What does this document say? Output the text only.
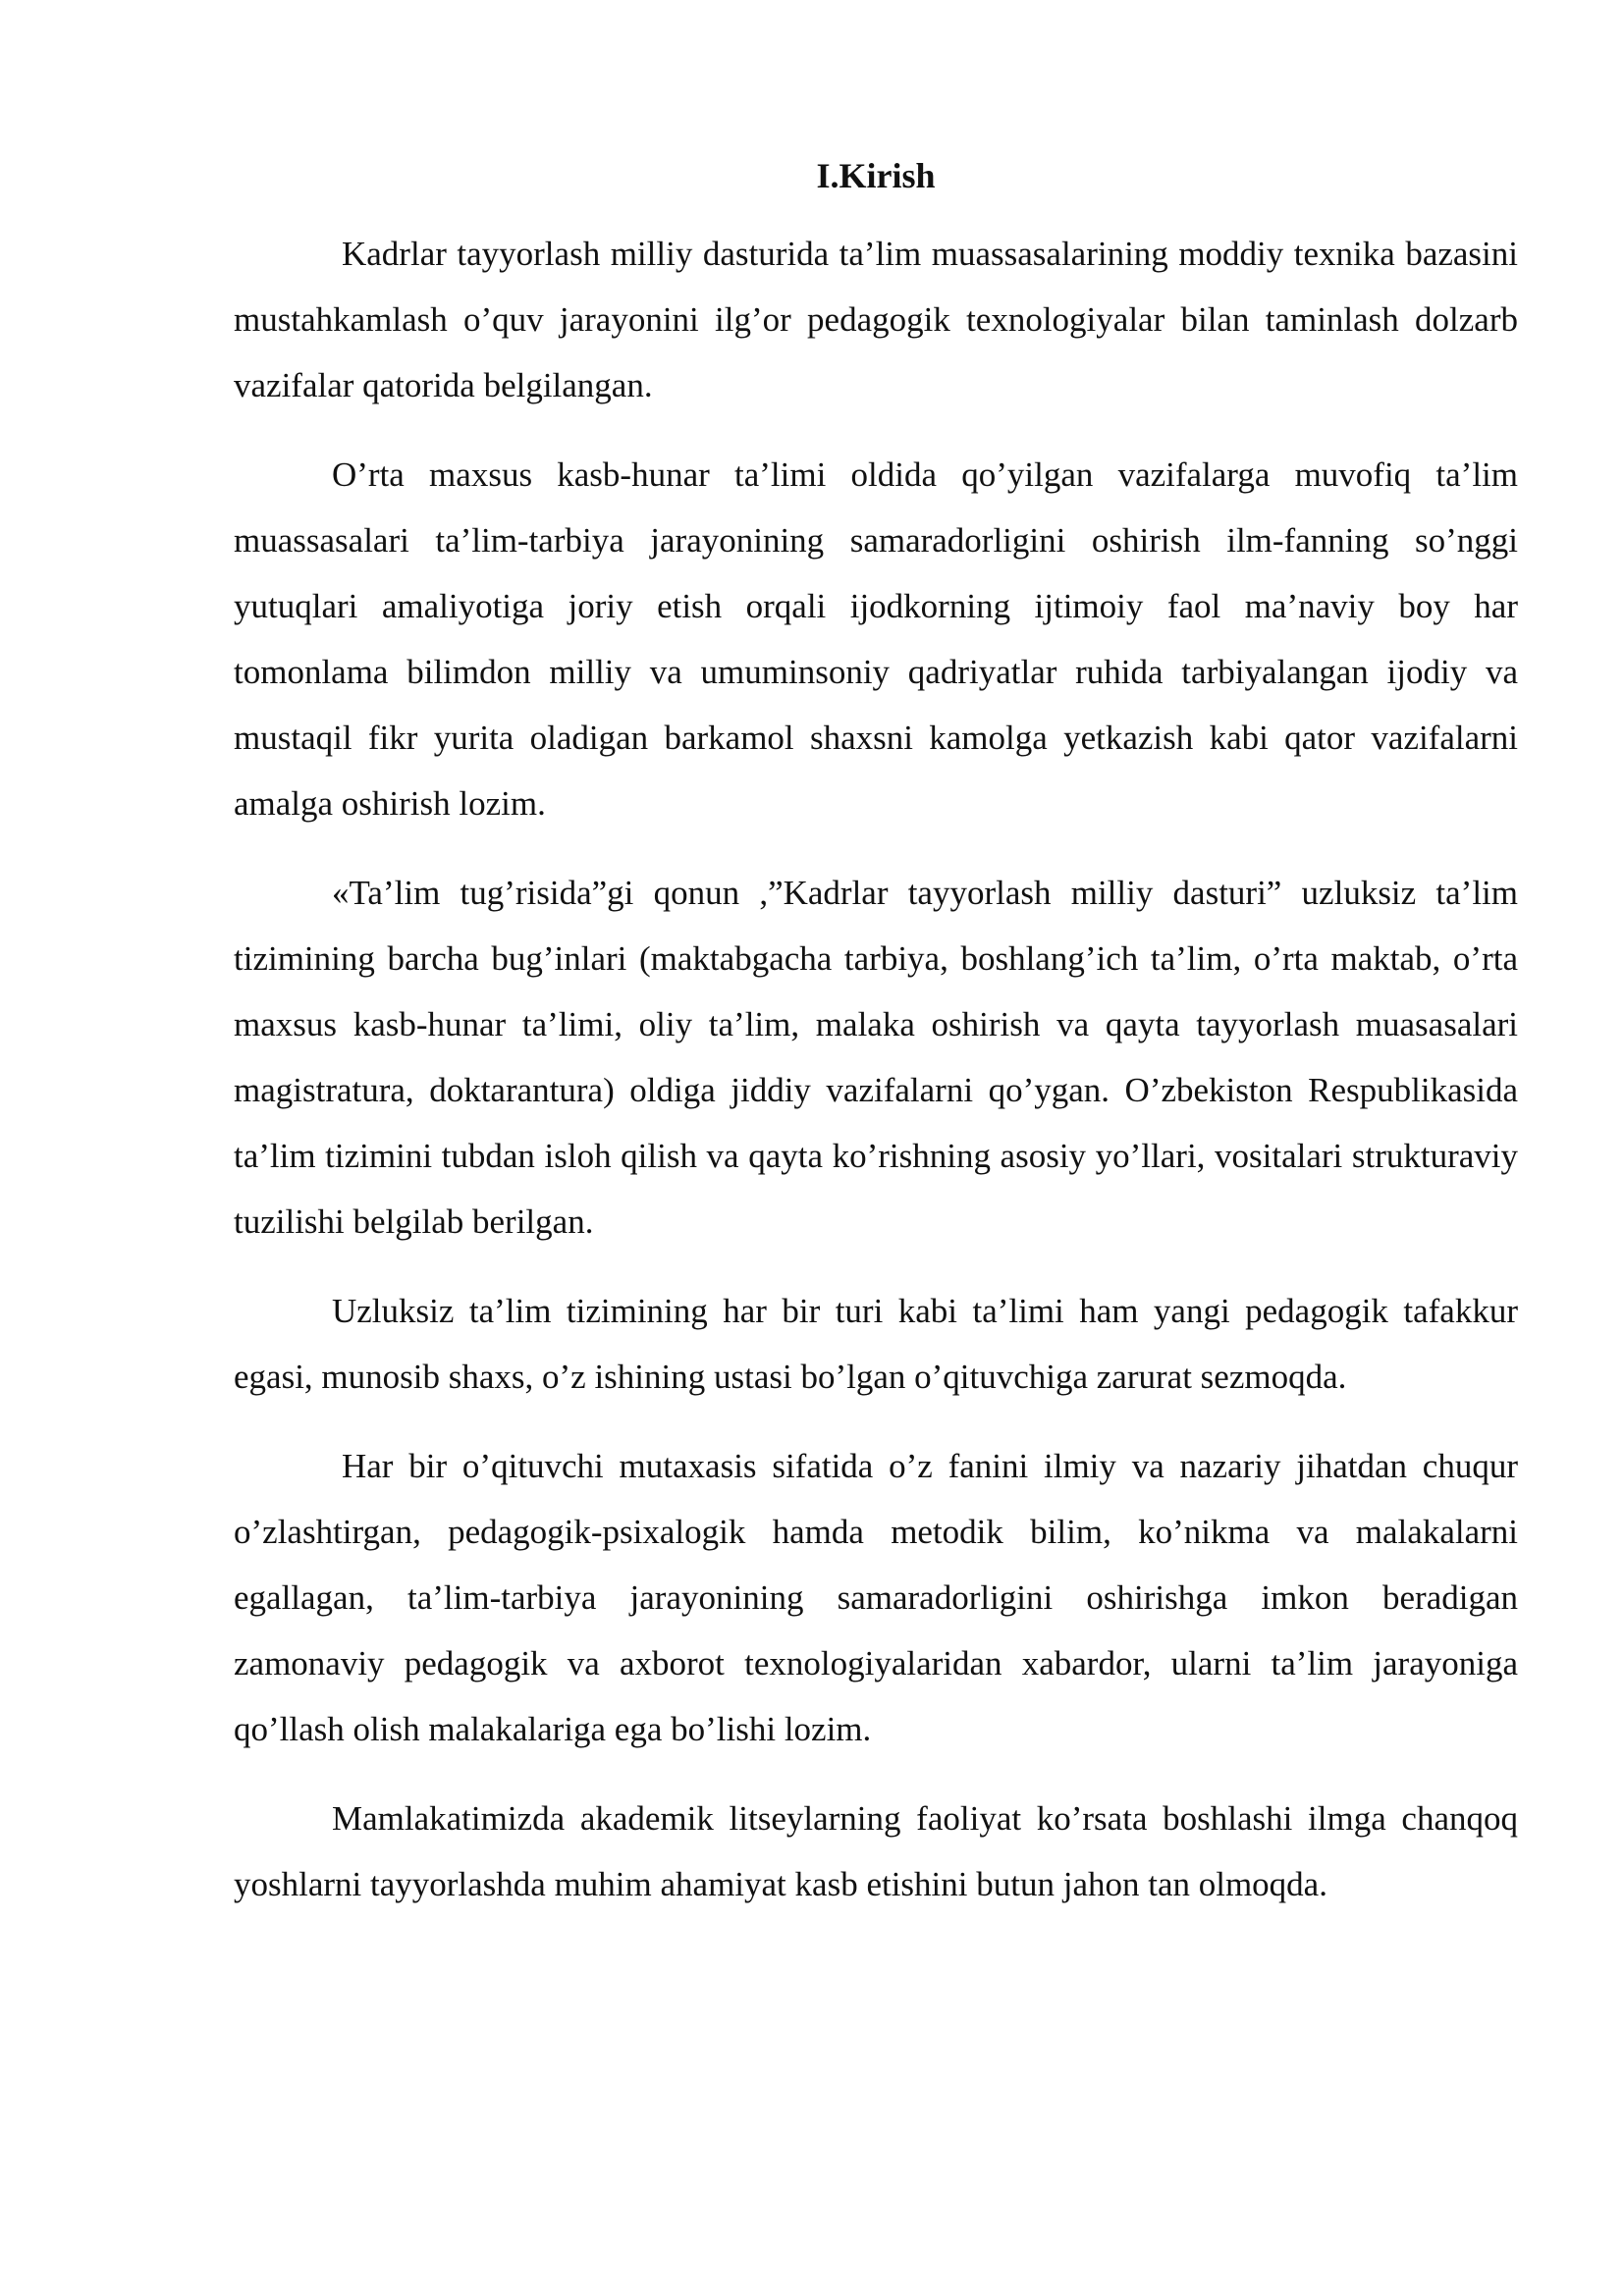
I.Kirish

Kadrlar tayyorlash milliy dasturida ta’lim muassasalarining moddiy texnika bazasini mustahkamlash o’quv jarayonini ilg’or pedagogik texnologiyalar bilan taminlash dolzarb vazifalar qatorida belgilangan.

O’rta maxsus kasb-hunar ta’limi oldida qo’yilgan vazifalarga muvofiq ta’lim muassasalari ta’lim-tarbiya jarayonining samaradorligini oshirish ilm-fanning so’nggi yutuqlari amaliyotiga joriy etish orqali ijodkorning ijtimoiy faol ma’naviy boy har tomonlama bilimdon milliy va umuminsoniy qadriyatlar ruhida tarbiyalangan ijodiy va mustaqil fikr yurita oladigan barkamol shaxsni kamolga yetkazish kabi qator vazifalarni amalga oshirish lozim.

«Ta’lim tug’risida”gi qonun ,”Kadrlar tayyorlash milliy dasturi” uzluksiz ta’lim tizimining barcha bug’inlari (maktabgacha tarbiya, boshlang’ich ta’lim, o’rta maktab, o’rta maxsus kasb-hunar ta’limi, oliy ta’lim, malaka oshirish va qayta tayyorlash muasasalari magistratura, doktarantura) oldiga jiddiy vazifalarni qo’ygan. O’zbekiston Respublikasida ta’lim tizimini tubdan isloh qilish va qayta ko’rishning asosiy yo’llari, vositalari strukturaviy tuzilishi belgilab berilgan.

Uzluksiz ta’lim tizimining har bir turi kabi ta’limi ham yangi pedagogik tafakkur egasi, munosib shaxs, o’z ishining ustasi bo’lgan o’qituvchiga zarurat sezmoqda.

Har bir o’qituvchi mutaxasis sifatida o’z fanini ilmiy va nazariy jihatdan chuqur o’zlashtirgan, pedagogik-psixalogik hamda metodik bilim, ko’nikma va malakalarni egallagan, ta’lim-tarbiya jarayonining samaradorligini oshirishga imkon beradigan zamonaviy pedagogik va axborot texnologiyalaridan xabardor, ularni ta’lim jarayoniga qo’llash olish malakalariga ega bo’lishi lozim.

Mamlakatimizda akademik litseylarning faoliyat ko’rsata boshlashi ilmga chanqoq yoshlarni tayyorlashda muhim ahamiyat kasb etishini butun jahon tan olmoqda.
